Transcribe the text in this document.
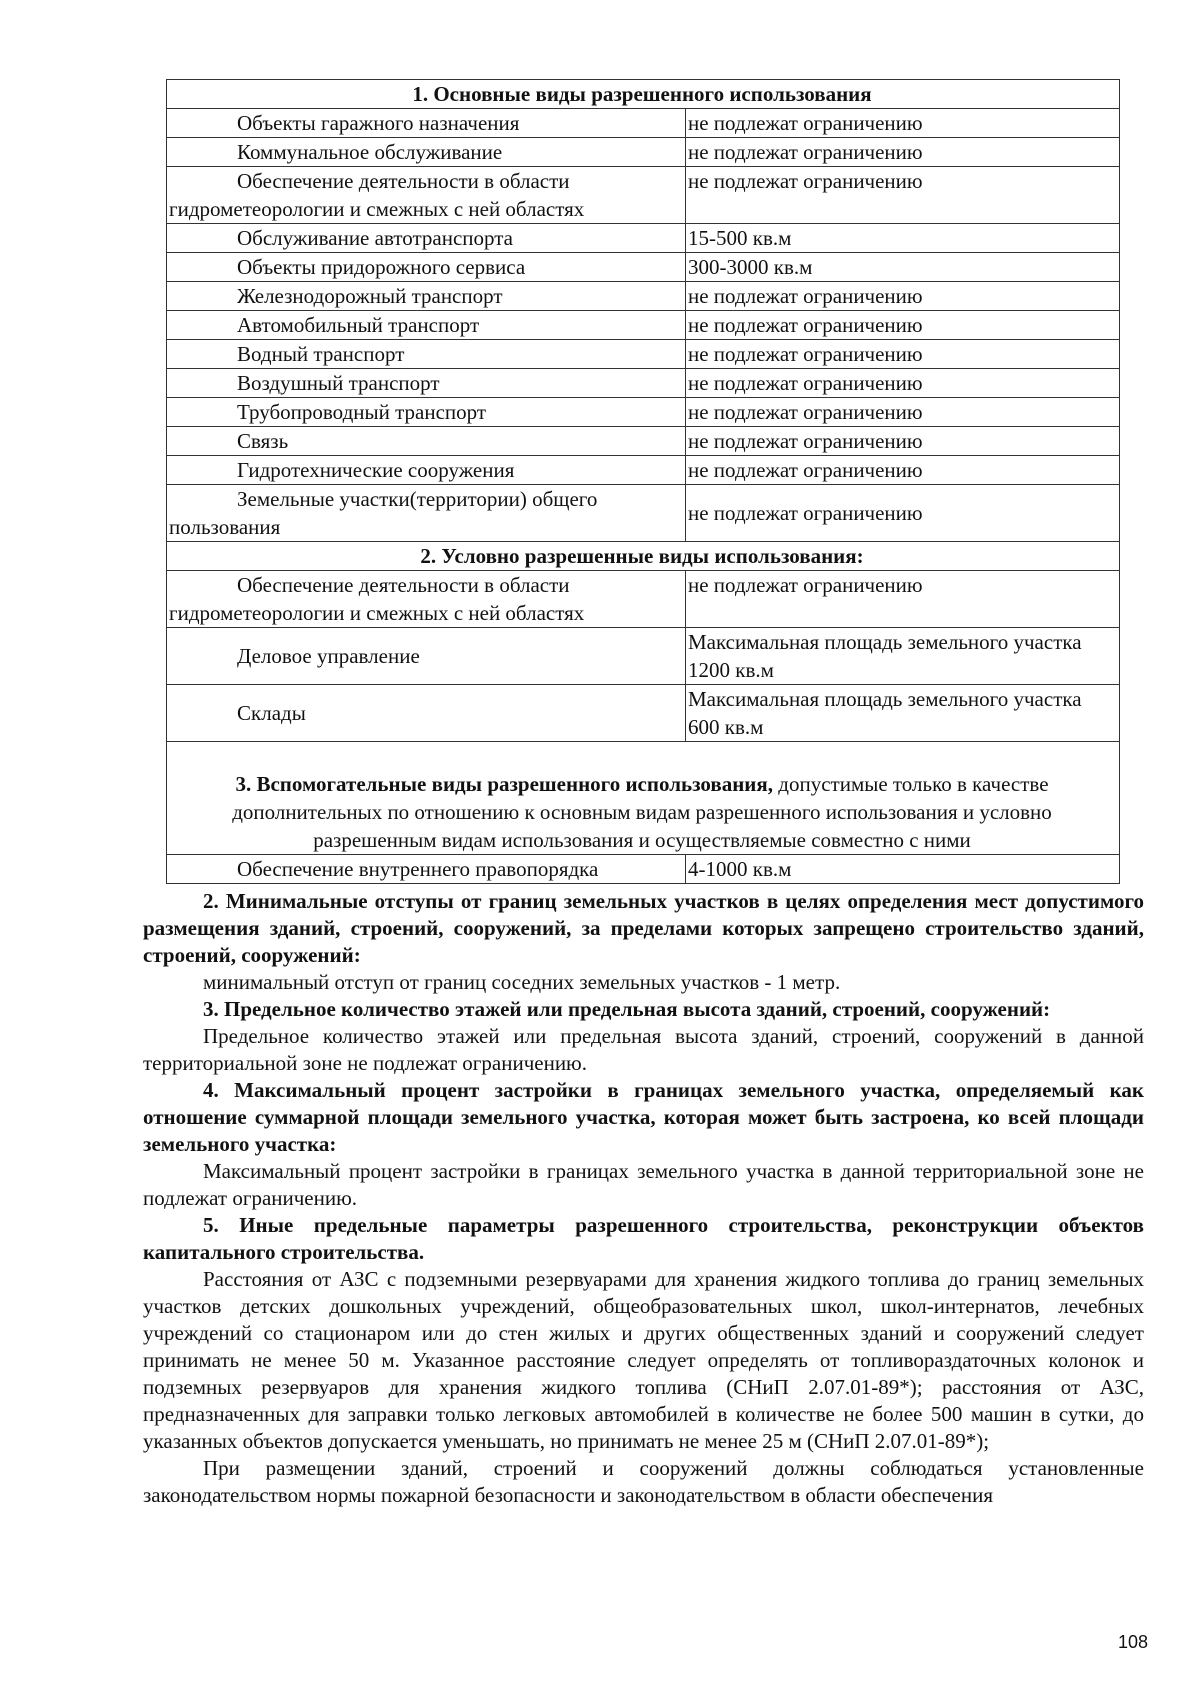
1. Основные виды разрешенного использования	

Объекты гаражного назначения	не подлежат ограничению

Коммунальное обслуживание	не подлежат ограничению

Обеспечение деятельности в области
гидрометеорологии и смежных с ней областях	не подлежат ограничению

Обслуживание автотранспорта	15-500 кв.м

Объекты придорожного сервиса	300-3000 кв.м

Железнодорожный транспорт	не подлежат ограничению

Автомобильный транспорт	не подлежат ограничению

Водный транспорт	не подлежат ограничению

Воздушный транспорт	не подлежат ограничению

Трубопроводный транспорт	не подлежат ограничению

Связь	не подлежат ограничению

Гидротехнические сооружения	не подлежат ограничению

Земельные участки(территории) общего
пользования	не подлежат ограничению
2. Условно разрешенные виды использования:	

Обеспечение деятельности в области
гидрометеорологии и смежных с ней областях	не подлежат ограничению

Деловое управление	Максимальная площадь земельного участка 1200 кв.м

Склады	Максимальная площадь земельного участка 600 кв.м
3. Вспомогательные виды разрешенного использования, допустимые только в качестве дополнительных по отношению к основным видам разрешенного использования и условно разрешенным видам использования и осуществляемые совместно с ними	

Обеспечение внутреннего правопорядка	4-1000 кв.м

2. Минимальные отступы от границ земельных участков в целях определения мест допустимого размещения зданий, строений, сооружений, за пределами которых запрещено строительство зданий, строений, сооружений:

минимальный отступ от границ соседних земельных участков - 1 метр.

3. Предельное количество этажей или предельная высота зданий, строений, сооружений:

Предельное количество этажей или предельная высота зданий, строений, сооружений в данной территориальной зоне не подлежат ограничению.

4. Максимальный процент застройки в границах земельного участка, определяемый как отношение суммарной площади земельного участка, которая может быть застроена, ко всей площади земельного участка:

Максимальный процент застройки в границах земельного участка в данной территориальной зоне не подлежат ограничению.

5. Иные предельные параметры разрешенного строительства, реконструкции объектов капитального строительства.

Расстояния от АЗС с подземными резервуарами для хранения жидкого топлива до границ земельных участков детских дошкольных учреждений, общеобразовательных школ, школ-интернатов, лечебных учреждений со стационаром или до стен жилых и других общественных зданий и сооружений следует принимать не менее 50 м. Указанное расстояние следует определять от топливораздаточных колонок и подземных резервуаров для хранения жидкого топлива (СНиП 2.07.01-89*); расстояния от АЗС, предназначенных для заправки только легковых автомобилей в количестве не более 500 машин в сутки, до указанных объектов допускается уменьшать, но принимать не менее 25 м (СНиП 2.07.01-89*);

При размещении зданий, строений и сооружений должны соблюдаться установленные законодательством нормы пожарной безопасности и законодательством в области обеспечения

108
